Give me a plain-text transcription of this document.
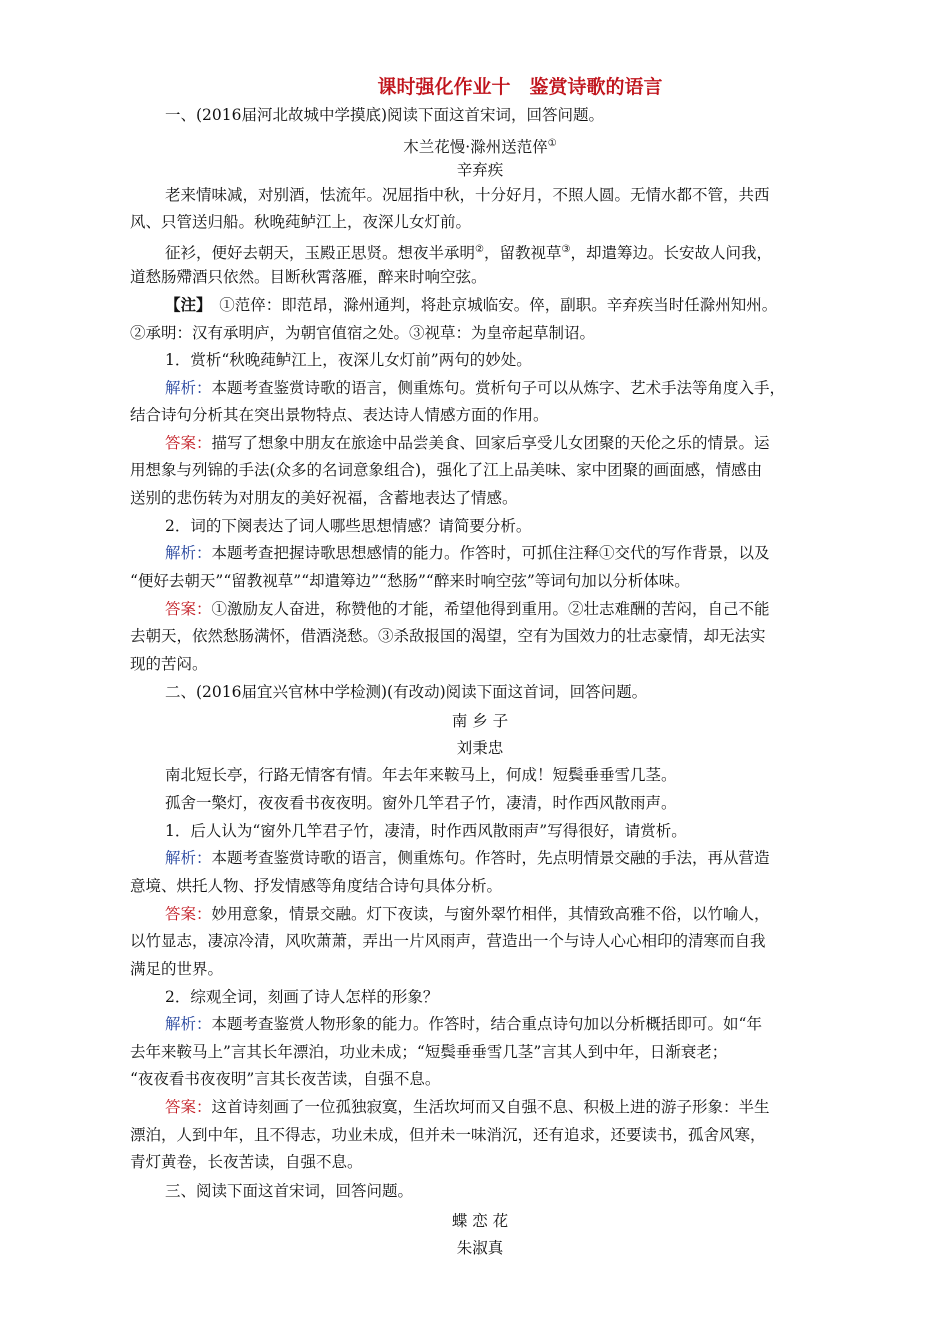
课时强化作业十　鉴赏诗歌的语言
一、(2016届河北故城中学摸底)阅读下面这首宋词，回答问题。
木兰花慢·滁州送范倅①
辛弃疾
老来情味减，对别酒，怯流年。况屈指中秋，十分好月，不照人圆。无情水都不管，共西
风、只管送归船。秋晚莼鲈江上，夜深儿女灯前。
征衫，便好去朝天，玉殿正思贤。想夜半承明②，留教视草③，却遣筹边。长安故人问我，
道愁肠殢酒只依然。目断秋霄落雁，醉来时响空弦。
【注】　①范倅：即范昂，滁州通判，将赴京城临安。倅，副职。辛弃疾当时任滁州知州。
②承明：汉有承明庐，为朝官值宿之处。③视草：为皇帝起草制诏。
1．赏析“秋晚莼鲈江上，夜深儿女灯前”两句的妙处。
解析：本题考查鉴赏诗歌的语言，侧重炼句。赏析句子可以从炼字、艺术手法等角度入手，
结合诗句分析其在突出景物特点、表达诗人情感方面的作用。
答案：描写了想象中朋友在旅途中品尝美食、回家后享受儿女团聚的天伦之乐的情景。运
用想象与列锦的手法(众多的名词意象组合)，强化了江上品美味、家中团聚的画面感，情感由
送别的悲伤转为对朋友的美好祝福，含蓄地表达了情感。
2．词的下阕表达了词人哪些思想情感？请简要分析。
解析：本题考查把握诗歌思想感情的能力。作答时，可抓住注释①交代的写作背景，以及
“便好去朝天”“留教视草”“却遣筹边”“愁肠”“醉来时响空弦”等词句加以分析体味。
答案：①激励友人奋进，称赞他的才能，希望他得到重用。②壮志难酬的苦闷，自己不能
去朝天，依然愁肠满怀，借酒浇愁。③杀敌报国的渴望，空有为国效力的壮志豪情，却无法实
现的苦闷。
二、(2016届宜兴官林中学检测)(有改动)阅读下面这首词，回答问题。
南 乡 子
刘秉忠
南北短长亭，行路无情客有情。年去年来鞍马上，何成！短鬓垂垂雪几茎。
孤舍一檠灯，夜夜看书夜夜明。窗外几竿君子竹，凄清，时作西风散雨声。
1．后人认为“窗外几竿君子竹，凄清，时作西风散雨声”写得很好，请赏析。
解析：本题考查鉴赏诗歌的语言，侧重炼句。作答时，先点明情景交融的手法，再从营造
意境、烘托人物、抒发情感等角度结合诗句具体分析。
答案：妙用意象，情景交融。灯下夜读，与窗外翠竹相伴，其情致高雅不俗，以竹喻人，
以竹显志，凄凉冷清，风吹萧萧，弄出一片风雨声，营造出一个与诗人心心相印的清寒而自我
满足的世界。
2．综观全词，刻画了诗人怎样的形象？
解析：本题考查鉴赏人物形象的能力。作答时，结合重点诗句加以分析概括即可。如“年
去年来鞍马上”言其长年漂泊，功业未成；“短鬓垂垂雪几茎”言其人到中年，日渐衰老；
“夜夜看书夜夜明”言其长夜苦读，自强不息。
答案：这首诗刻画了一位孤独寂寞，生活坎坷而又自强不息、积极上进的游子形象：半生
漂泊，人到中年，且不得志，功业未成，但并未一味消沉，还有追求，还要读书，孤舍风寒，
青灯黄卷，长夜苦读，自强不息。
三、阅读下面这首宋词，回答问题。
蝶 恋 花
朱淑真
